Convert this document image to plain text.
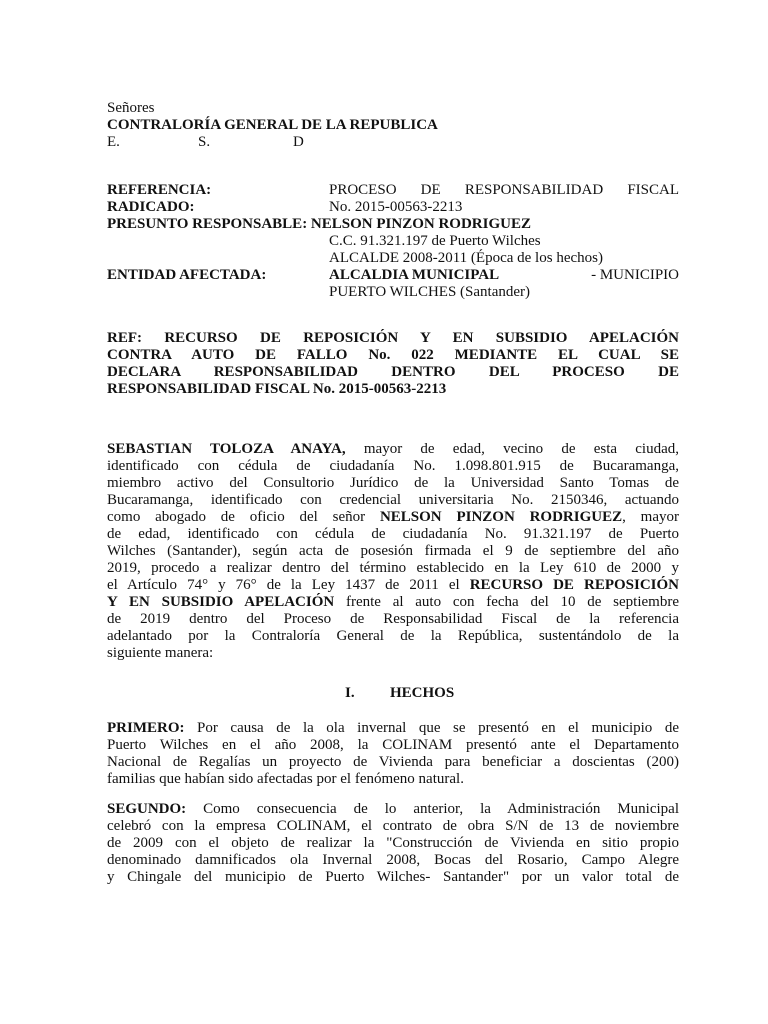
Señores
CONTRALORÍA GENERAL DE LA REPUBLICA
E.	S.	D
REFERENCIA:	PROCESO DE RESPONSABILIDAD FISCAL
RADICADO:	No. 2015-00563-2213
PRESUNTO RESPONSABLE: NELSON PINZON RODRIGUEZ
C.C. 91.321.197 de Puerto Wilches
ALCALDE 2008-2011 (Época de los hechos)
ENTIDAD AFECTADA:	ALCALDIA MUNICIPAL	- MUNICIPIO
PUERTO WILCHES (Santander)
REF: RECURSO DE REPOSICIÓN Y EN SUBSIDIO APELACIÓN
CONTRA AUTO DE FALLO No. 022 MEDIANTE EL CUAL SE
DECLARA RESPONSABILIDAD DENTRO DEL PROCESO DE
RESPONSABILIDAD FISCAL No. 2015-00563-2213
SEBASTIAN TOLOZA ANAYA, mayor de edad, vecino de esta ciudad,
identificado con cédula de ciudadanía No. 1.098.801.915 de Bucaramanga,
miembro activo del Consultorio Jurídico de la Universidad Santo Tomas de
Bucaramanga, identificado con credencial universitaria No. 2150346, actuando
como abogado de oficio del señor NELSON PINZON RODRIGUEZ, mayor
de edad, identificado con cédula de ciudadanía No. 91.321.197 de Puerto
Wilches (Santander), según acta de posesión firmada el 9 de septiembre del año
2019, procedo a realizar dentro del término establecido en la Ley 610 de 2000 y
el Artículo 74° y 76° de la Ley 1437 de 2011 el RECURSO DE REPOSICIÓN
Y EN SUBSIDIO APELACIÓN frente al auto con fecha del 10 de septiembre
de 2019 dentro del Proceso de Responsabilidad Fiscal de la referencia
adelantado por la Contraloría General de la República, sustentándolo de la
siguiente manera:
I. HECHOS
PRIMERO: Por causa de la ola invernal que se presentó en el municipio de
Puerto Wilches en el año 2008, la COLINAM presentó ante el Departamento
Nacional de Regalías un proyecto de Vivienda para beneficiar a doscientas (200)
familias que habían sido afectadas por el fenómeno natural.
SEGUNDO: Como consecuencia de lo anterior, la Administración Municipal
celebró con la empresa COLINAM, el contrato de obra S/N de 13 de noviembre
de 2009 con el objeto de realizar la "Construcción de Vivienda en sitio propio
denominado damnificados ola Invernal 2008, Bocas del Rosario, Campo Alegre
y Chingale del municipio de Puerto Wilches- Santander" por un valor total de
